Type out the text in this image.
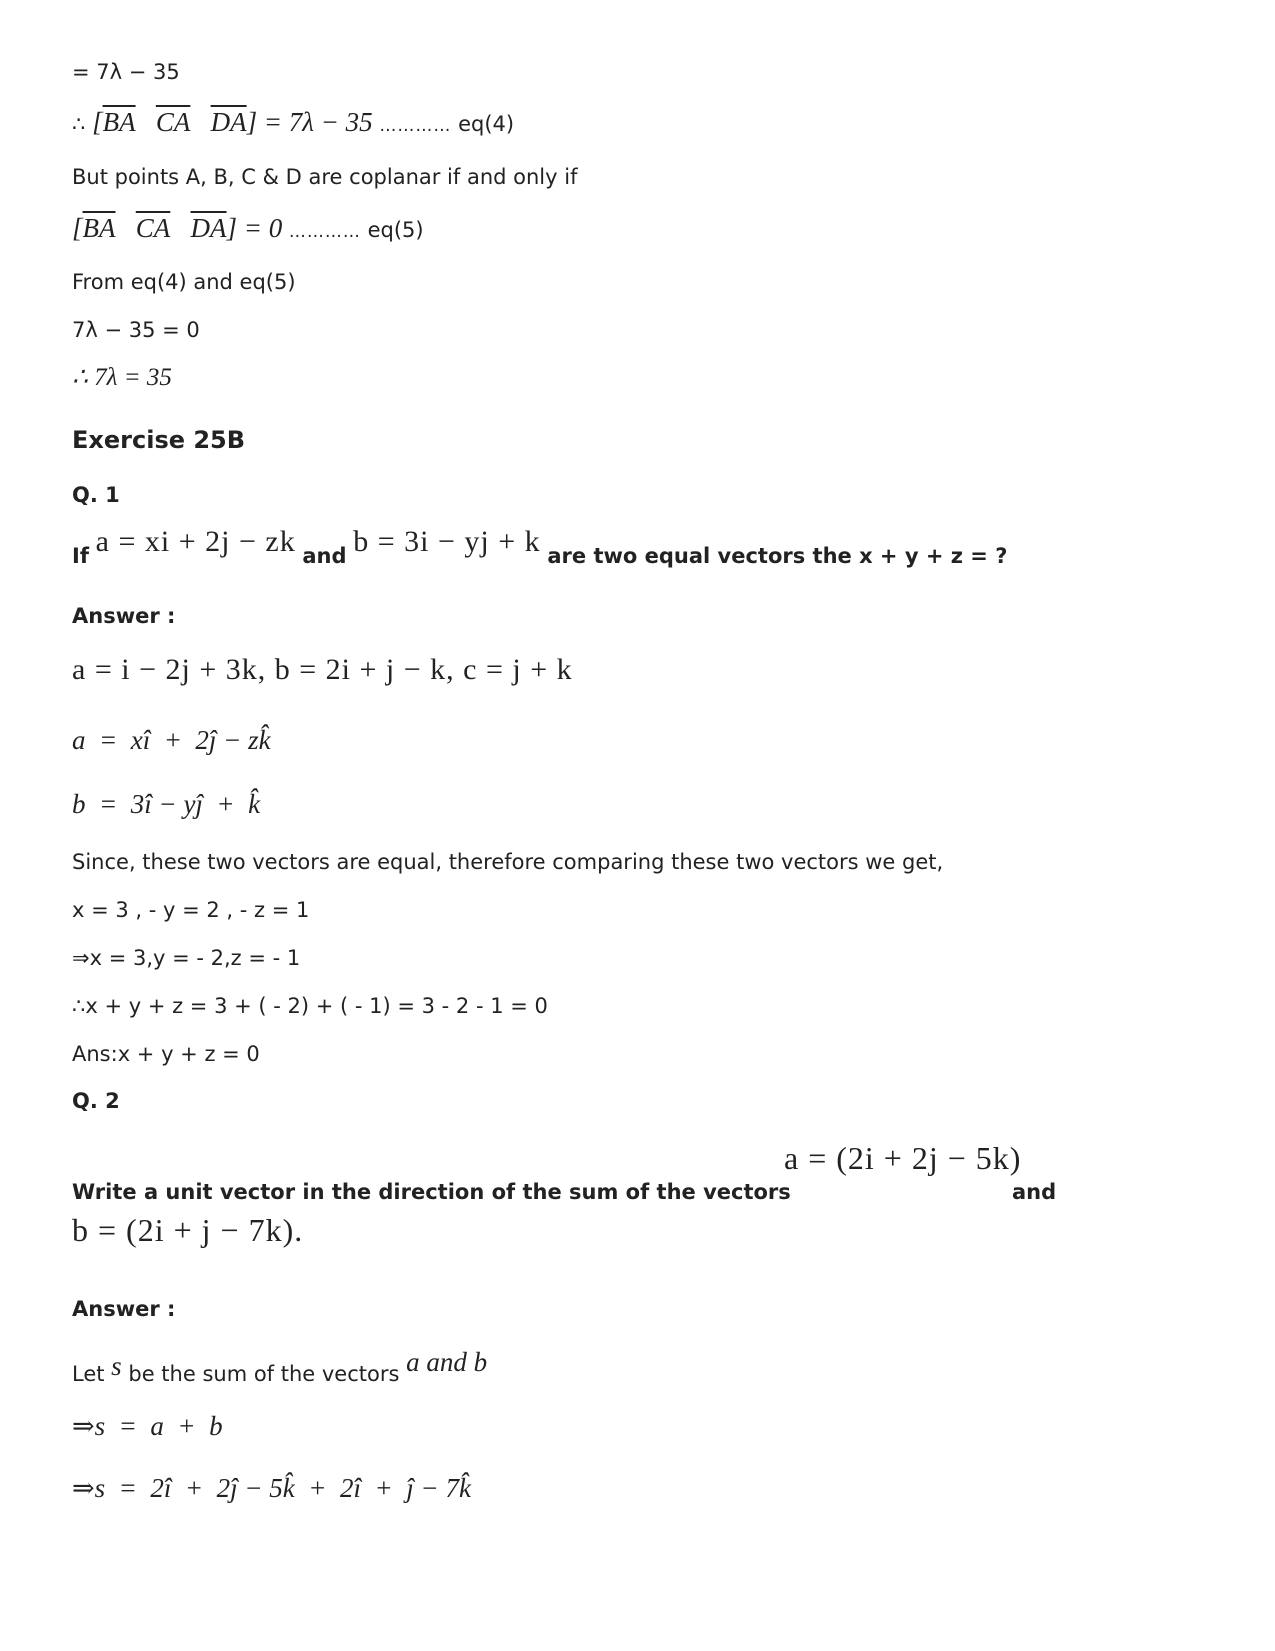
= 7λ − 35
∴ [$\overline{BA}$ $\overline{CA}$ $\overline{DA}] = 7\lambda - 35$ ………… eq(4)
But points A, B, C & D are coplanar if and only if
[$\overline{BA}$ $\overline{CA}$ $\overline{DA}] = 0$ ………… eq(5)
From eq(4) and eq(5)
7λ − 35 = 0
∴ 7λ = 35
Exercise 25B
Q. 1
If a = xi + 2j − zk and b = 3i − yj + k are two equal vectors the x + y + z = ?
Answer :
a = i − 2j + 3k, b = 2i + j − k, c = j + k
a  =  xî  +  2ĵ − zk̂
b  =  3î − yĵ  +  k̂
Since, these two vectors are equal, therefore comparing these two vectors we get,
x = 3 , - y = 2 , - z = 1
⇒x = 3,y = - 2,z = - 1
∴x + y + z = 3 + ( - 2) + ( - 1) = 3 - 2 - 1 = 0
Ans:x + y + z = 0
Q. 2
Write a unit vector in the direction of the sum of the vectors
a = (2i + 2j − 5k)
and
b = (2i + j − 7k).
Answer :
Let s be the sum of the vectors a and b
⇒s  =  a  +  b
⇒s  =  2î  +  2ĵ − 5k̂  +  2î  +  ĵ − 7k̂
